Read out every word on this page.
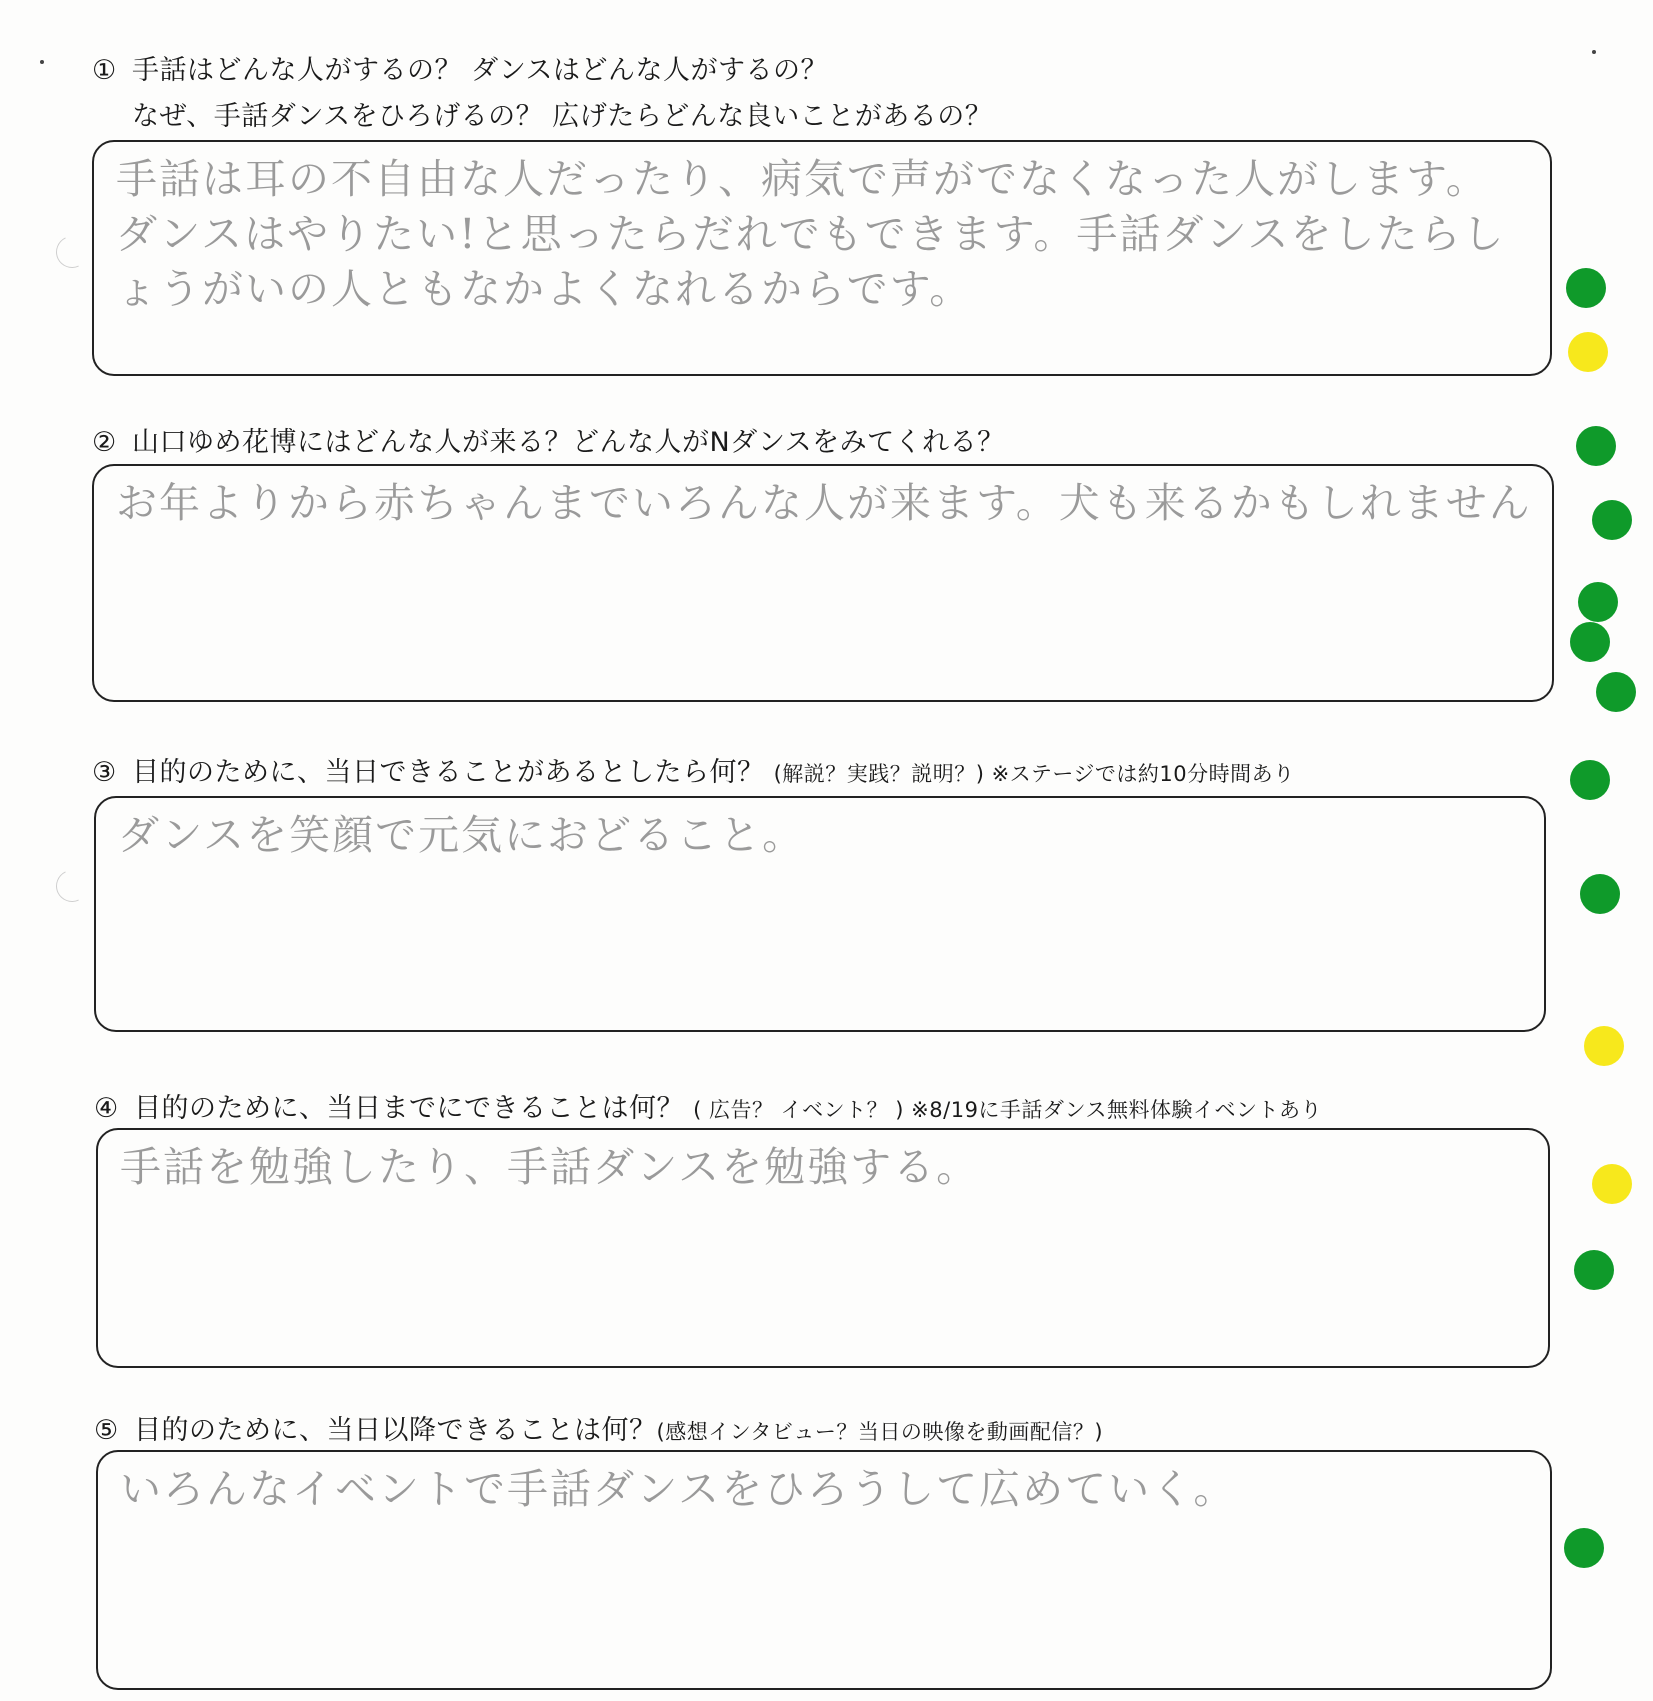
① 手話はどんな人がするの？ ダンスはどんな人がするの？
なぜ、手話ダンスをひろげるの？ 広げたらどんな良いことがあるの？
手話は耳の不自由な人だったり、病気で声がでなくなった人がします。ダンスはやりたい!と思ったらだれでもできます。手話ダンスをしたらしょうがいの人ともなかよくなれるからです。
② 山口ゆめ花博にはどんな人が来る？どんな人がNダンスをみてくれる？
お年よりから赤ちゃんまでいろんな人が来ます。犬も来るかもしれません
③ 目的のために、当日できることがあるとしたら何？ (解説？実践？説明？) ※ステージでは約10分時間あり
ダンスを笑顔で元気におどること。
④ 目的のために、当日までにできることは何？ ( 広告？ イベント？ ) ※8/19に手話ダンス無料体験イベントあり
手話を勉強したり、手話ダンスを勉強する。
⑤ 目的のために、当日以降できることは何？(感想インタビュー？当日の映像を動画配信？)
いろんなイベントで手話ダンスをひろうして広めていく。
